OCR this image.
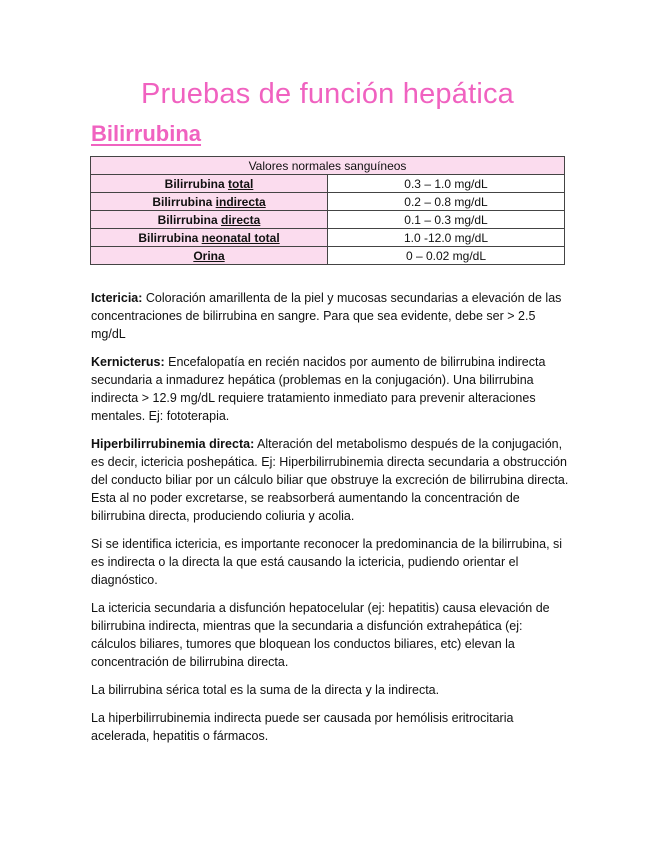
Pruebas de función hepática
Bilirrubina
Valores normales sanguíneos	
Bilirrubina total	0.3 – 1.0 mg/dL
Bilirrubina indirecta	0.2 – 0.8 mg/dL
Bilirrubina directa	0.1 – 0.3 mg/dL
Bilirrubina neonatal total	1.0 -12.0 mg/dL
Orina	0 – 0.02 mg/dL

Ictericia: Coloración amarillenta de la piel y mucosas secundarias a elevación de las concentraciones de bilirrubina en sangre. Para que sea evidente, debe ser > 2.5 mg/dL

Kernicterus: Encefalopatía en recién nacidos por aumento de bilirrubina indirecta secundaria a inmadurez hepática (problemas en la conjugación). Una bilirrubina indirecta > 12.9 mg/dL requiere tratamiento inmediato para prevenir alteraciones mentales. Ej: fototerapia.

Hiperbilirrubinemia directa: Alteración del metabolismo después de la conjugación, es decir, ictericia poshepática. Ej: Hiperbilirrubinemia directa secundaria a obstrucción del conducto biliar por un cálculo biliar que obstruye la excreción de bilirrubina directa. Esta al no poder excretarse, se reabsorberá aumentando la concentración de bilirrubina directa, produciendo coliuria y acolia.

Si se identifica ictericia, es importante reconocer la predominancia de la bilirrubina, si es indirecta o la directa la que está causando la ictericia, pudiendo orientar el diagnóstico.

La ictericia secundaria a disfunción hepatocelular (ej: hepatitis) causa elevación de bilirrubina indirecta, mientras que la secundaria a disfunción extrahepática (ej: cálculos biliares, tumores que bloquean los conductos biliares, etc) elevan la concentración de bilirrubina directa.

La bilirrubina sérica total es la suma de la directa y la indirecta.

La hiperbilirrubinemia indirecta puede ser causada por hemólisis eritrocitaria acelerada, hepatitis o fármacos.
